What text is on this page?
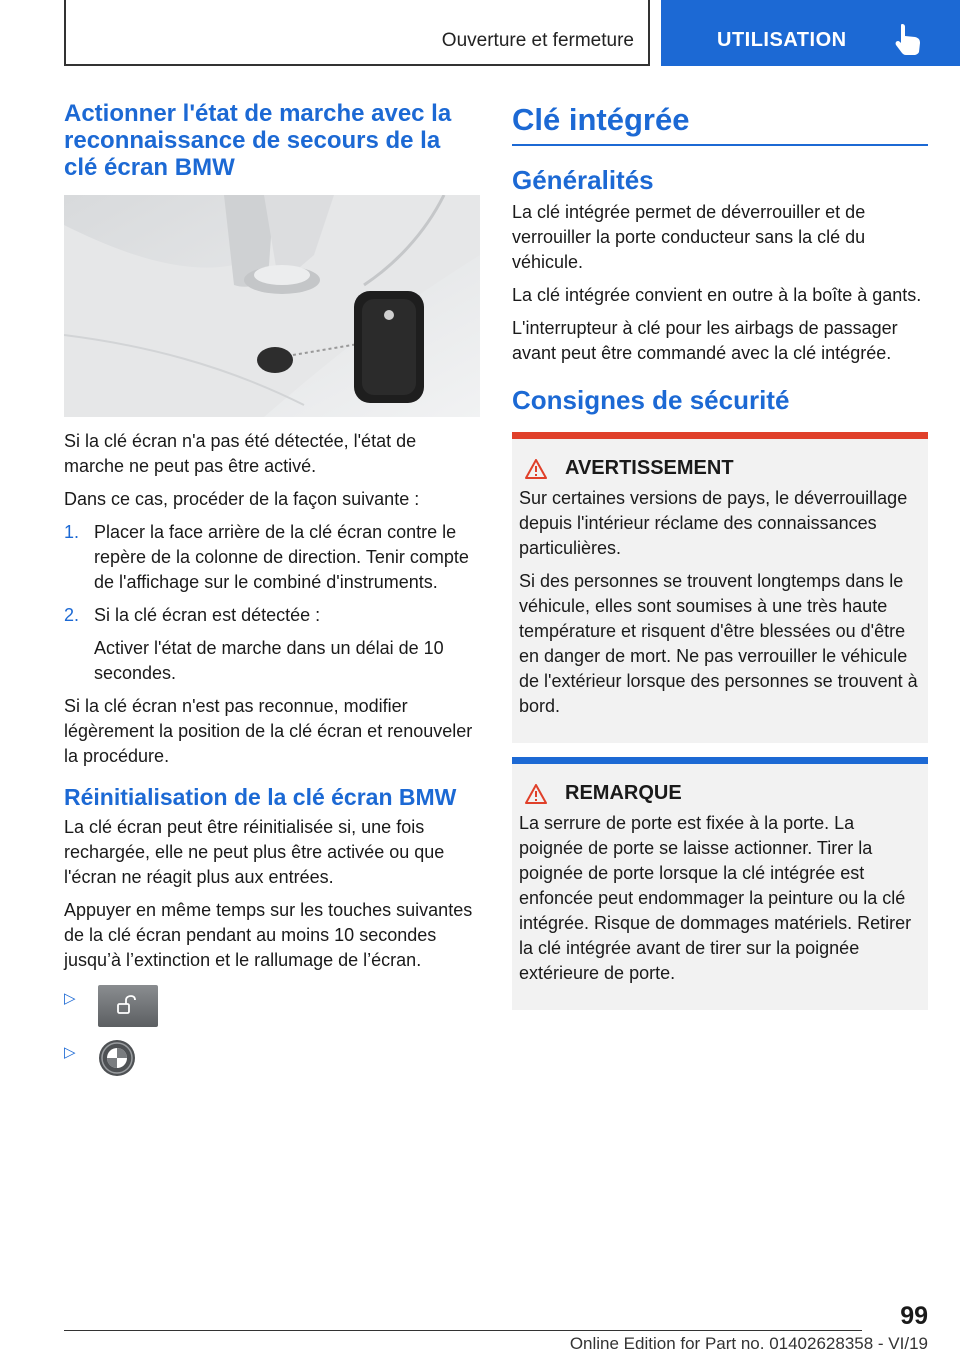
Ouverture et fermeture	UTILISATION
Actionner l'état de marche avec la reconnaissance de secours de la clé écran BMW

Si la clé écran n'a pas été détectée, l'état de marche ne peut pas être activé.

Dans ce cas, procéder de la façon suivante :

1. Placer la face arrière de la clé écran contre le repère de la colonne de direction. Tenir compte de l'affichage sur le combiné d'instruments.
2. Si la clé écran est détectée :

Activer l'état de marche dans un délai de 10 secondes.

Si la clé écran n'est pas reconnue, modifier légèrement la position de la clé écran et renouveler la procédure.

Réinitialisation de la clé écran BMW

La clé écran peut être réinitialisée si, une fois rechargée, elle ne peut plus être activée ou que l'écran ne réagit plus aux entrées.

Appuyer en même temps sur les touches suivantes de la clé écran pendant au moins 10 secondes jusqu’à l’extinction et le rallumage de l’écran.

▷
▷
Clé intégrée
Généralités

La clé intégrée permet de déverrouiller et de verrouiller la porte conducteur sans la clé du véhicule.

La clé intégrée convient en outre à la boîte à gants.

L'interrupteur à clé pour les airbags de passager avant peut être commandé avec la clé intégrée.

Consignes de sécurité
AVERTISSEMENT

Sur certaines versions de pays, le déverrouillage depuis l'intérieur réclame des connaissances particulières.

Si des personnes se trouvent longtemps dans le véhicule, elles sont soumises à une très haute température et risquent d'être blessées ou d'être en danger de mort. Ne pas verrouiller le véhicule de l'extérieur lorsque des personnes se trouvent à bord.

REMARQUE

La serrure de porte est fixée à la porte. La poignée de porte se laisse actionner. Tirer la poignée de porte lorsque la clé intégrée est enfoncée peut endommager la peinture ou la clé intégrée. Risque de dommages matériels. Retirer la clé intégrée avant de tirer sur la poignée extérieure de porte.

99
Online Edition for Part no. 01402628358 - VI/19
